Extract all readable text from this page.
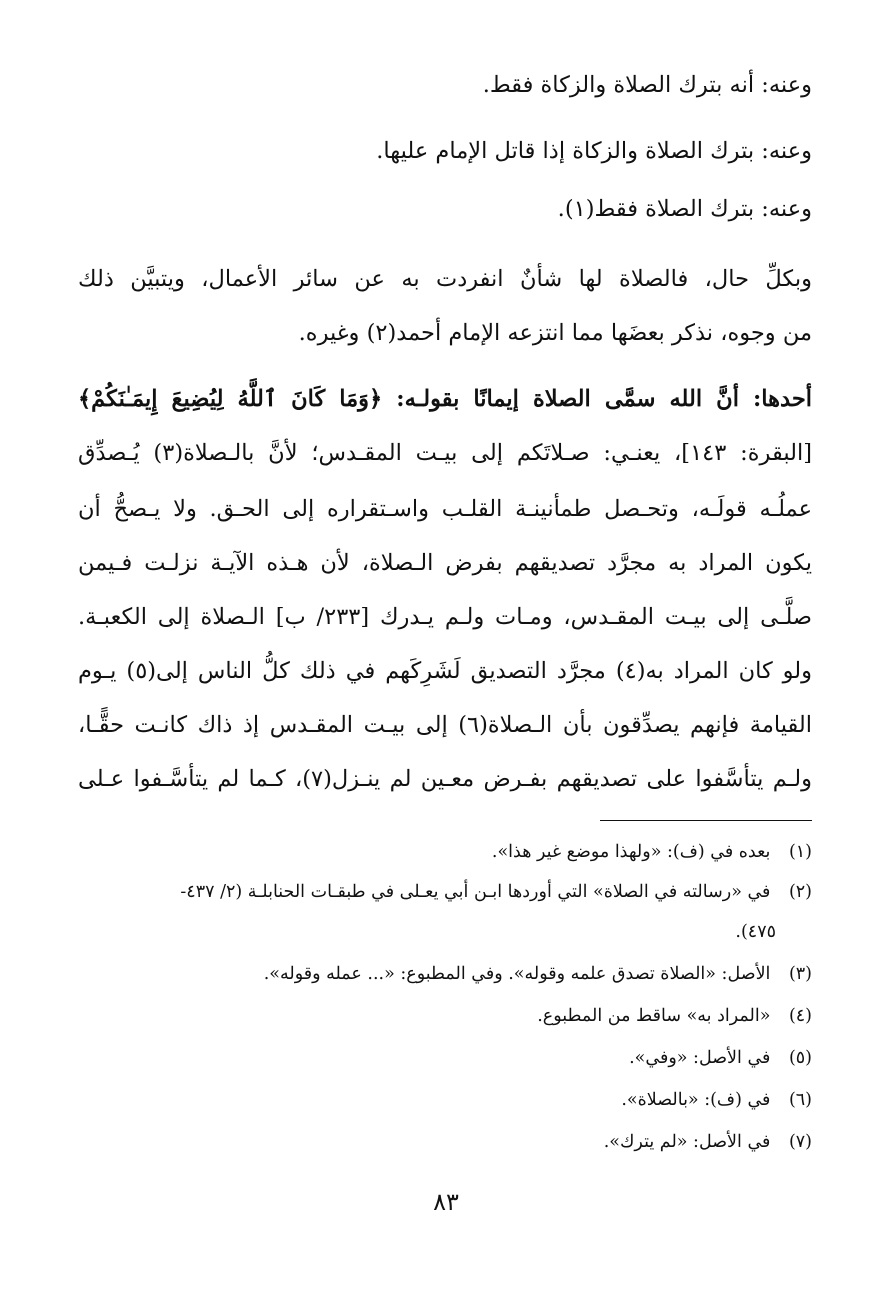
وعنه: أنه بترك الصلاة والزكاة فقط.
وعنه: بترك الصلاة والزكاة إذا قاتل الإمام عليها.
وعنه: بترك الصلاة فقط(١).
وبكلِّ حال، فالصلاة لها شأنٌ انفردت به عن سائر الأعمال، ويتبيَّن ذلك
من وجوه، نذكر بعضَها مما انتزعه الإمام أحمد(٢) وغيره.
أحدها: أنَّ الله سمَّى الصلاة إيمانًا بقولـه: ﴿وَمَا كَانَ ٱللَّهُ لِيُضِيعَ إِيمَـٰنَكُمْ﴾
[البقرة: ١٤٣]، يعنـي: صـلاتَكم إلى بيـت المقـدس؛ لأنَّ بالـصلاة(٣) يُـصدِّق
عملُـه قولَـه، وتحـصل طمأنينـة القلـب واسـتقراره إلى الحـق. ولا يـصحُّ أن
يكون المراد به مجرَّد تصديقهم بفرض الـصلاة، لأن هـذه الآيـة نزلـت فـيمن
صلَّـى إلى بيـت المقـدس، ومـات ولـم يـدرك [٢٣٣/ ب] الـصلاة إلى الكعبـة.
ولو كان المراد به(٤) مجرَّد التصديق لَشَرِكَهم في ذلك كلُّ الناس إلى(٥) يـوم
القيامة فإنهم يصدِّقون بأن الـصلاة(٦) إلى بيـت المقـدس إذ ذاك كانـت حقًّـا،
ولـم يتأسَّفوا على تصديقهم بفـرض معـين لم ينـزل(٧)، كـما لم يتأسَّـفوا عـلى
(١) بعده في (ف): «ولهذا موضع غير هذا».
(٢) في «رسالته في الصلاة» التي أوردها ابـن أبي يعـلى في طبقـات الحنابلـة (٢/ ٤٣٧-
٤٧٥).
(٣) الأصل: «الصلاة تصدق علمه وقوله». وفي المطبوع: «... عمله وقوله».
(٤) «المراد به» ساقط من المطبوع.
(٥) في الأصل: «وفي».
(٦) في (ف): «بالصلاة».
(٧) في الأصل: «لم يترك».
٨٣
